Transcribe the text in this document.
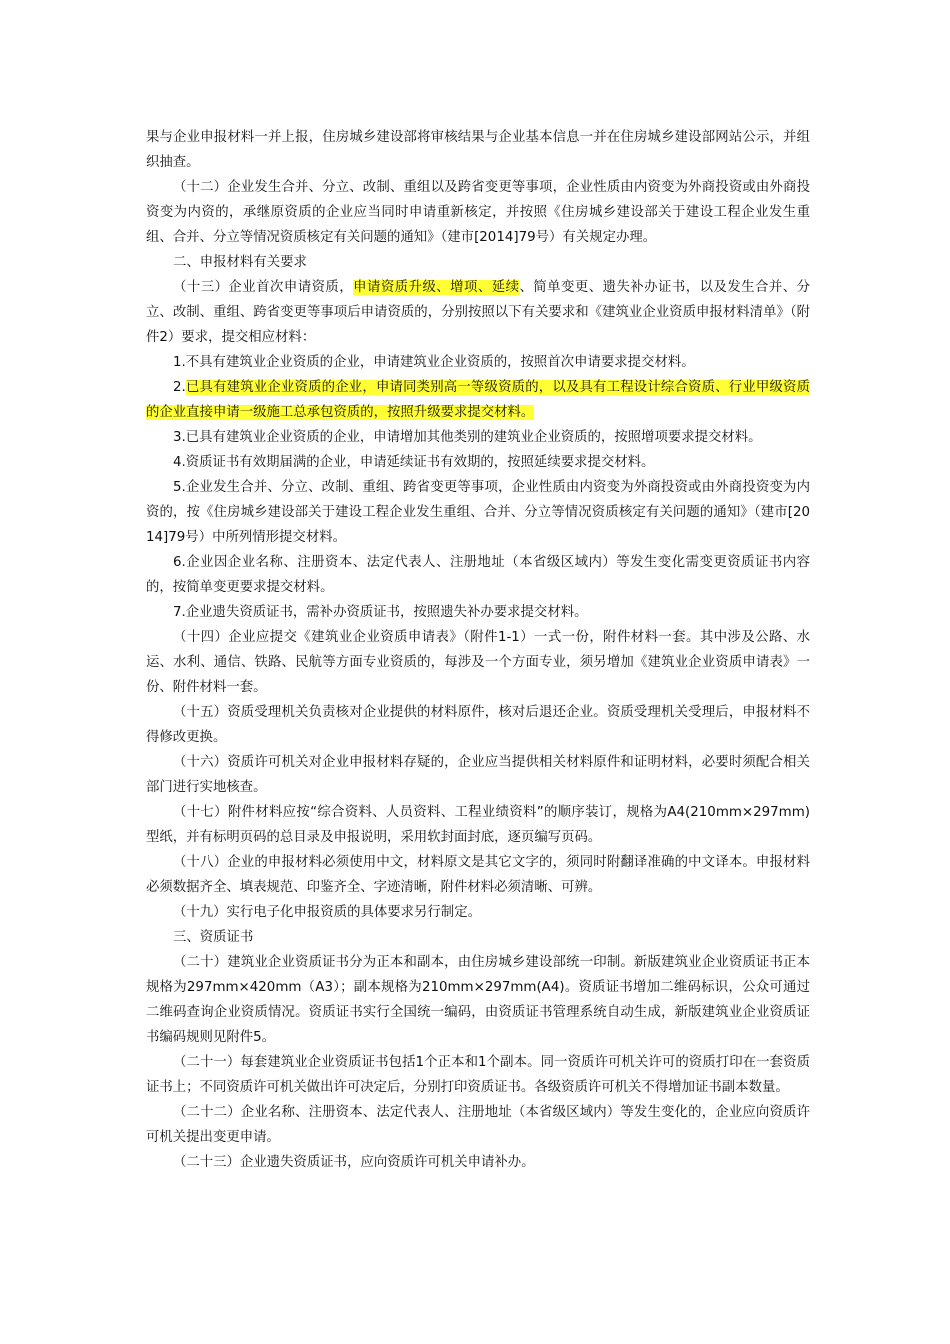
果与企业申报材料一并上报，住房城乡建设部将审核结果与企业基本信息一并在住房城乡建设部网站公示，并组织抽查。

（十二）企业发生合并、分立、改制、重组以及跨省变更等事项，企业性质由内资变为外商投资或由外商投资变为内资的，承继原资质的企业应当同时申请重新核定，并按照《住房城乡建设部关于建设工程企业发生重组、合并、分立等情况资质核定有关问题的通知》（建市[2014]79号）有关规定办理。

二、申报材料有关要求

（十三）企业首次申请资质，申请资质升级、增项、延续、简单变更、遗失补办证书，以及发生合并、分立、改制、重组、跨省变更等事项后申请资质的，分别按照以下有关要求和《建筑业企业资质申报材料清单》（附件2）要求，提交相应材料：

1.不具有建筑业企业资质的企业，申请建筑业企业资质的，按照首次申请要求提交材料。

2.已具有建筑业企业资质的企业，申请同类别高一等级资质的，以及具有工程设计综合资质、行业甲级资质的企业直接申请一级施工总承包资质的，按照升级要求提交材料。

3.已具有建筑业企业资质的企业，申请增加其他类别的建筑业企业资质的，按照增项要求提交材料。

4.资质证书有效期届满的企业，申请延续证书有效期的，按照延续要求提交材料。

5.企业发生合并、分立、改制、重组、跨省变更等事项，企业性质由内资变为外商投资或由外商投资变为内资的，按《住房城乡建设部关于建设工程企业发生重组、合并、分立等情况资质核定有关问题的通知》（建市[2014]79号）中所列情形提交材料。

6.企业因企业名称、注册资本、法定代表人、注册地址（本省级区域内）等发生变化需变更资质证书内容的，按简单变更要求提交材料。

7.企业遗失资质证书，需补办资质证书，按照遗失补办要求提交材料。

（十四）企业应提交《建筑业企业资质申请表》（附件1-1）一式一份，附件材料一套。其中涉及公路、水运、水利、通信、铁路、民航等方面专业资质的，每涉及一个方面专业，须另增加《建筑业企业资质申请表》一份、附件材料一套。

（十五）资质受理机关负责核对企业提供的材料原件，核对后退还企业。资质受理机关受理后，申报材料不得修改更换。

（十六）资质许可机关对企业申报材料存疑的，企业应当提供相关材料原件和证明材料，必要时须配合相关部门进行实地核查。

（十七）附件材料应按“综合资料、人员资料、工程业绩资料”的顺序装订，规格为A4(210mm×297mm)型纸，并有标明页码的总目录及申报说明，采用软封面封底，逐页编写页码。

（十八）企业的申报材料必须使用中文，材料原文是其它文字的，须同时附翻译准确的中文译本。申报材料必须数据齐全、填表规范、印鉴齐全、字迹清晰，附件材料必须清晰、可辨。

（十九）实行电子化申报资质的具体要求另行制定。

三、资质证书

（二十）建筑业企业资质证书分为正本和副本，由住房城乡建设部统一印制。新版建筑业企业资质证书正本规格为297mm×420mm（A3）；副本规格为210mm×297mm(A4)。资质证书增加二维码标识，公众可通过二维码查询企业资质情况。资质证书实行全国统一编码，由资质证书管理系统自动生成，新版建筑业企业资质证书编码规则见附件5。

（二十一）每套建筑业企业资质证书包括1个正本和1个副本。同一资质许可机关许可的资质打印在一套资质证书上；不同资质许可机关做出许可决定后，分别打印资质证书。各级资质许可机关不得增加证书副本数量。

（二十二）企业名称、注册资本、法定代表人、注册地址（本省级区域内）等发生变化的，企业应向资质许可机关提出变更申请。

（二十三）企业遗失资质证书，应向资质许可机关申请补办。
